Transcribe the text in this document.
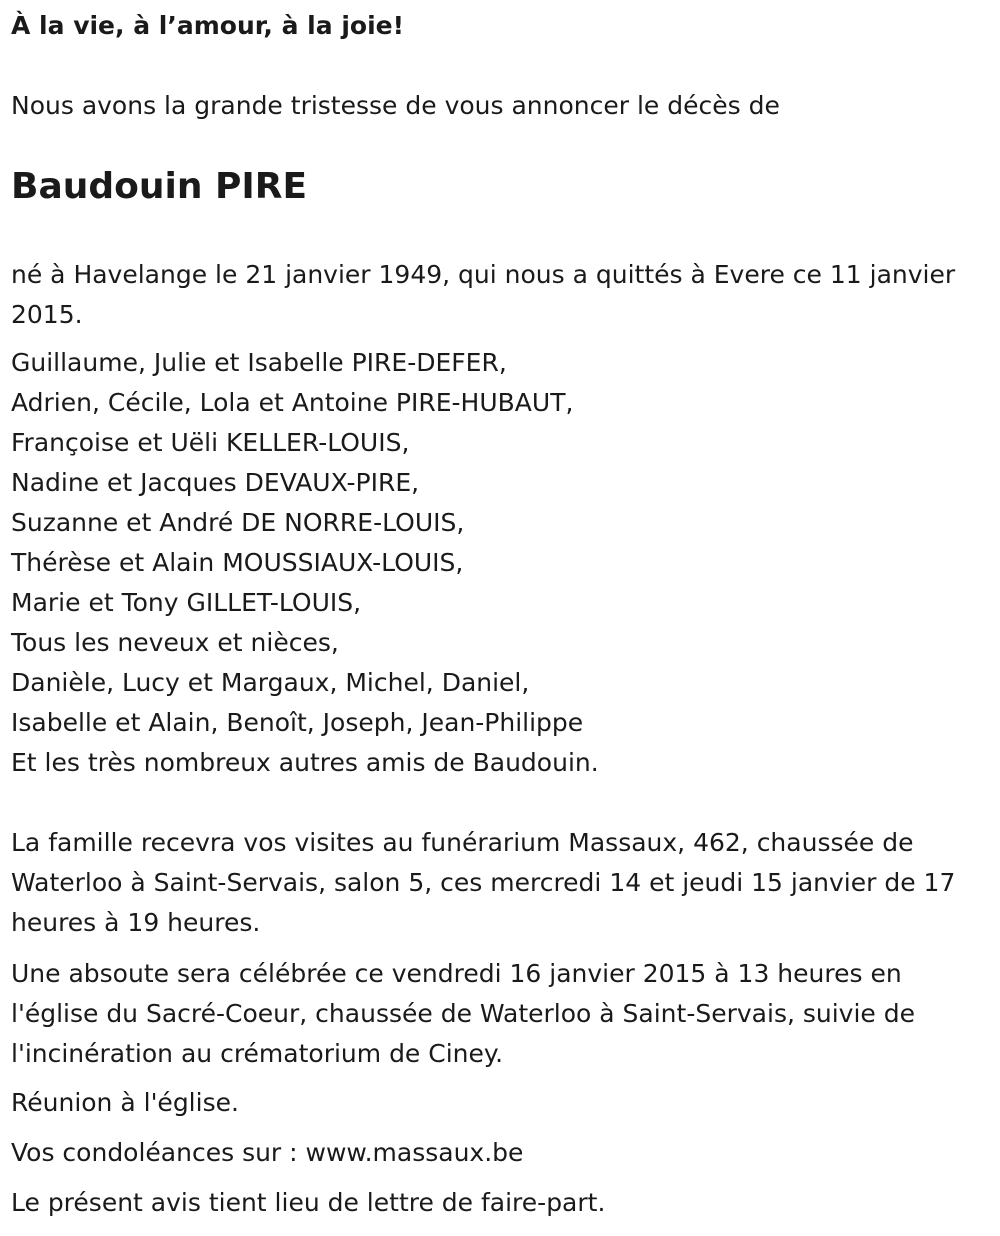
À la vie, à l’amour, à la joie!
Nous avons la grande tristesse de vous annoncer le décès de
Baudouin PIRE
né à Havelange le 21 janvier 1949, qui nous a quittés à Evere ce 11 janvier 2015.
Guillaume, Julie et Isabelle PIRE-DEFER,
Adrien, Cécile, Lola et Antoine PIRE-HUBAUT,
Françoise et Uëli KELLER-LOUIS,
Nadine et Jacques DEVAUX-PIRE,
Suzanne et André DE NORRE-LOUIS,
Thérèse et Alain MOUSSIAUX-LOUIS,
Marie et Tony GILLET-LOUIS,
Tous les neveux et nièces,
Danièle, Lucy et Margaux, Michel, Daniel,
Isabelle et Alain, Benoît, Joseph, Jean-Philippe
Et les très nombreux autres amis de Baudouin.
La famille recevra vos visites au funérarium Massaux, 462, chaussée de Waterloo à Saint-Servais, salon 5, ces mercredi 14 et jeudi 15 janvier de 17 heures à 19 heures.
Une absoute sera célébrée ce vendredi 16 janvier 2015 à 13 heures en l'église du Sacré-Coeur, chaussée de Waterloo à Saint-Servais, suivie de l'incinération au crématorium de Ciney.
Réunion à l'église.
Vos condoléances sur : www.massaux.be
Le présent avis tient lieu de lettre de faire-part.
